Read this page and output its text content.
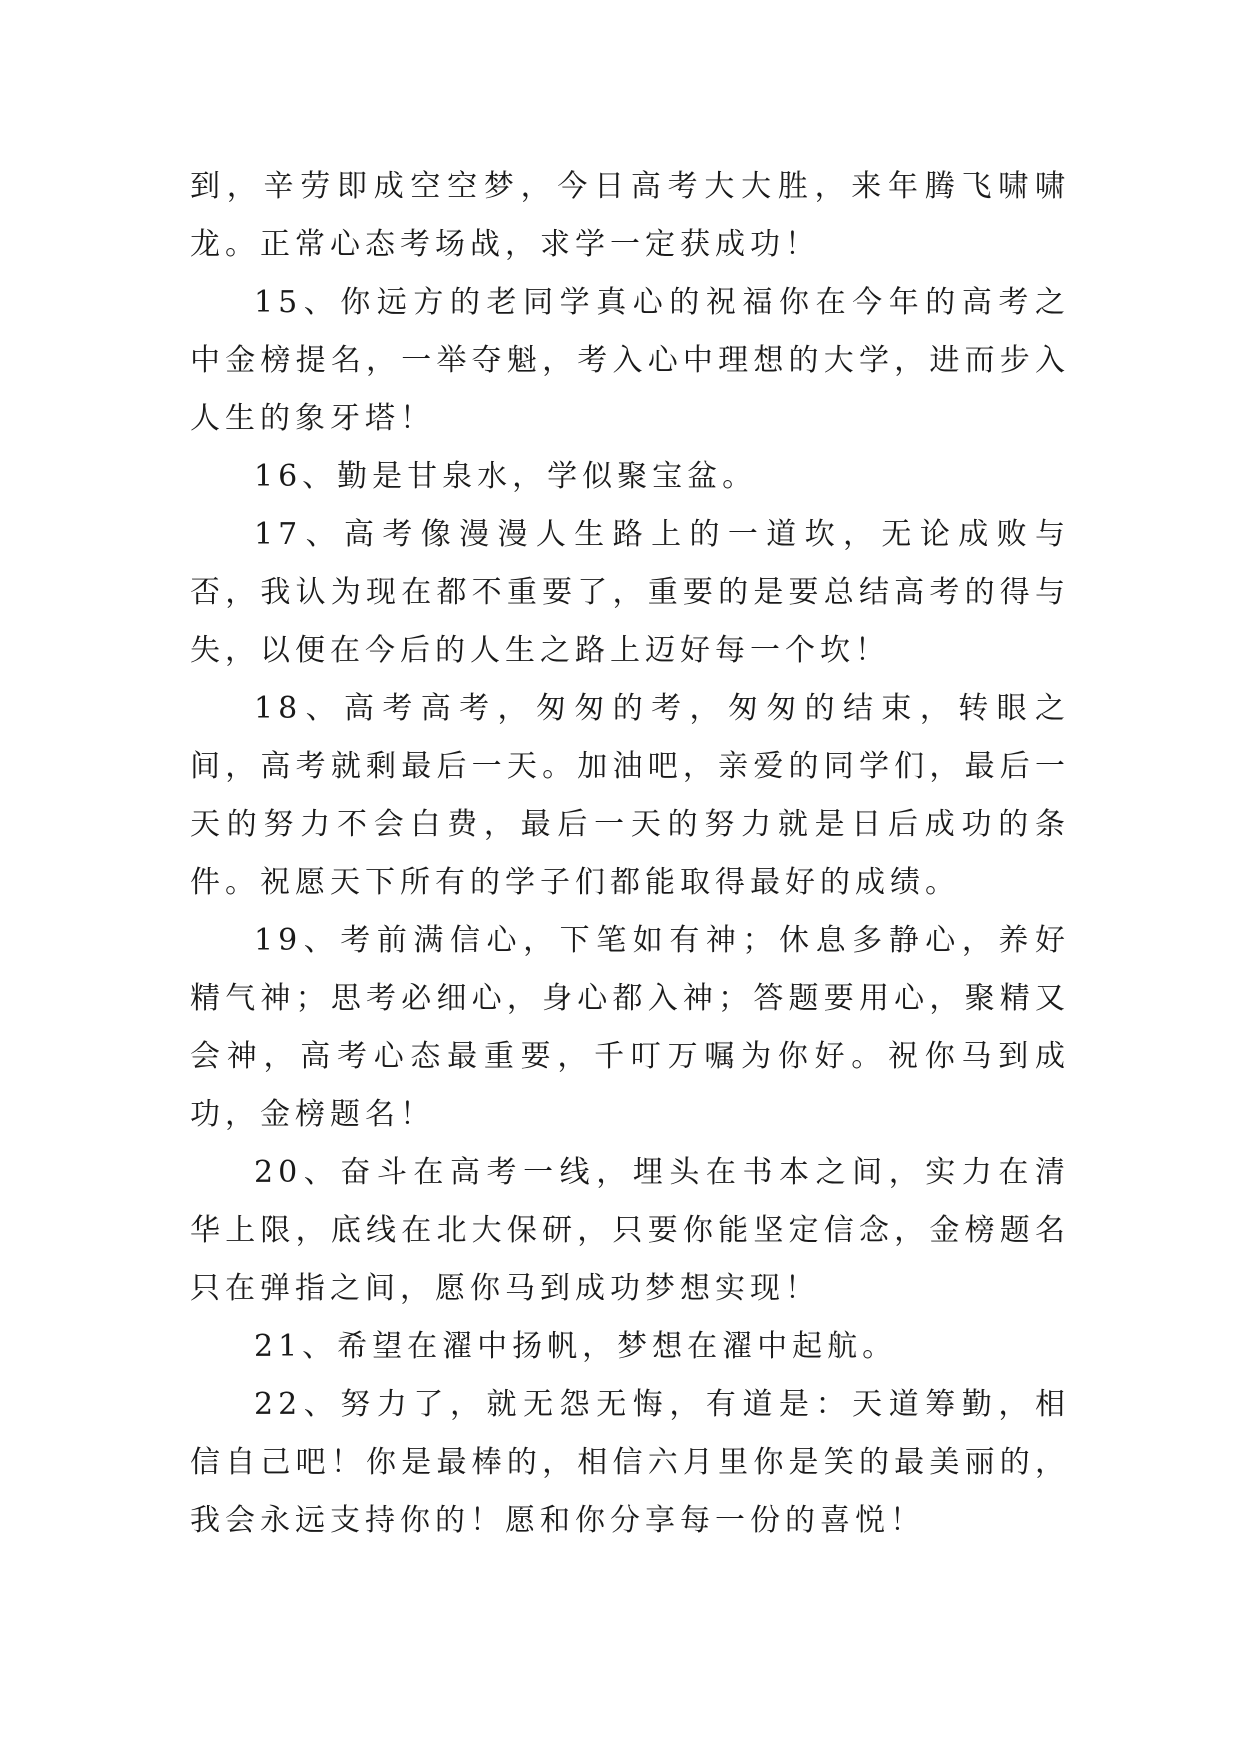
到，辛劳即成空空梦，今日高考大大胜，来年腾飞啸啸龙。正常心态考场战，求学一定获成功！

15、你远方的老同学真心的祝福你在今年的高考之中金榜提名，一举夺魁，考入心中理想的大学，进而步入人生的象牙塔！

16、勤是甘泉水，学似聚宝盆。

17、高考像漫漫人生路上的一道坎，无论成败与否，我认为现在都不重要了，重要的是要总结高考的得与失，以便在今后的人生之路上迈好每一个坎！

18、高考高考，匆匆的考，匆匆的结束，转眼之间，高考就剩最后一天。加油吧，亲爱的同学们，最后一天的努力不会白费，最后一天的努力就是日后成功的条件。祝愿天下所有的学子们都能取得最好的成绩。

19、考前满信心，下笔如有神；休息多静心，养好精气神；思考必细心，身心都入神；答题要用心，聚精又会神，高考心态最重要，千叮万嘱为你好。祝你马到成功，金榜题名！

20、奋斗在高考一线，埋头在书本之间，实力在清华上限，底线在北大保研，只要你能坚定信念，金榜题名只在弹指之间，愿你马到成功梦想实现！

21、希望在濯中扬帆，梦想在濯中起航。

22、努力了，就无怨无悔，有道是：天道筹勤，相信自己吧！你是最棒的，相信六月里你是笑的最美丽的，我会永远支持你的！愿和你分享每一份的喜悦！
